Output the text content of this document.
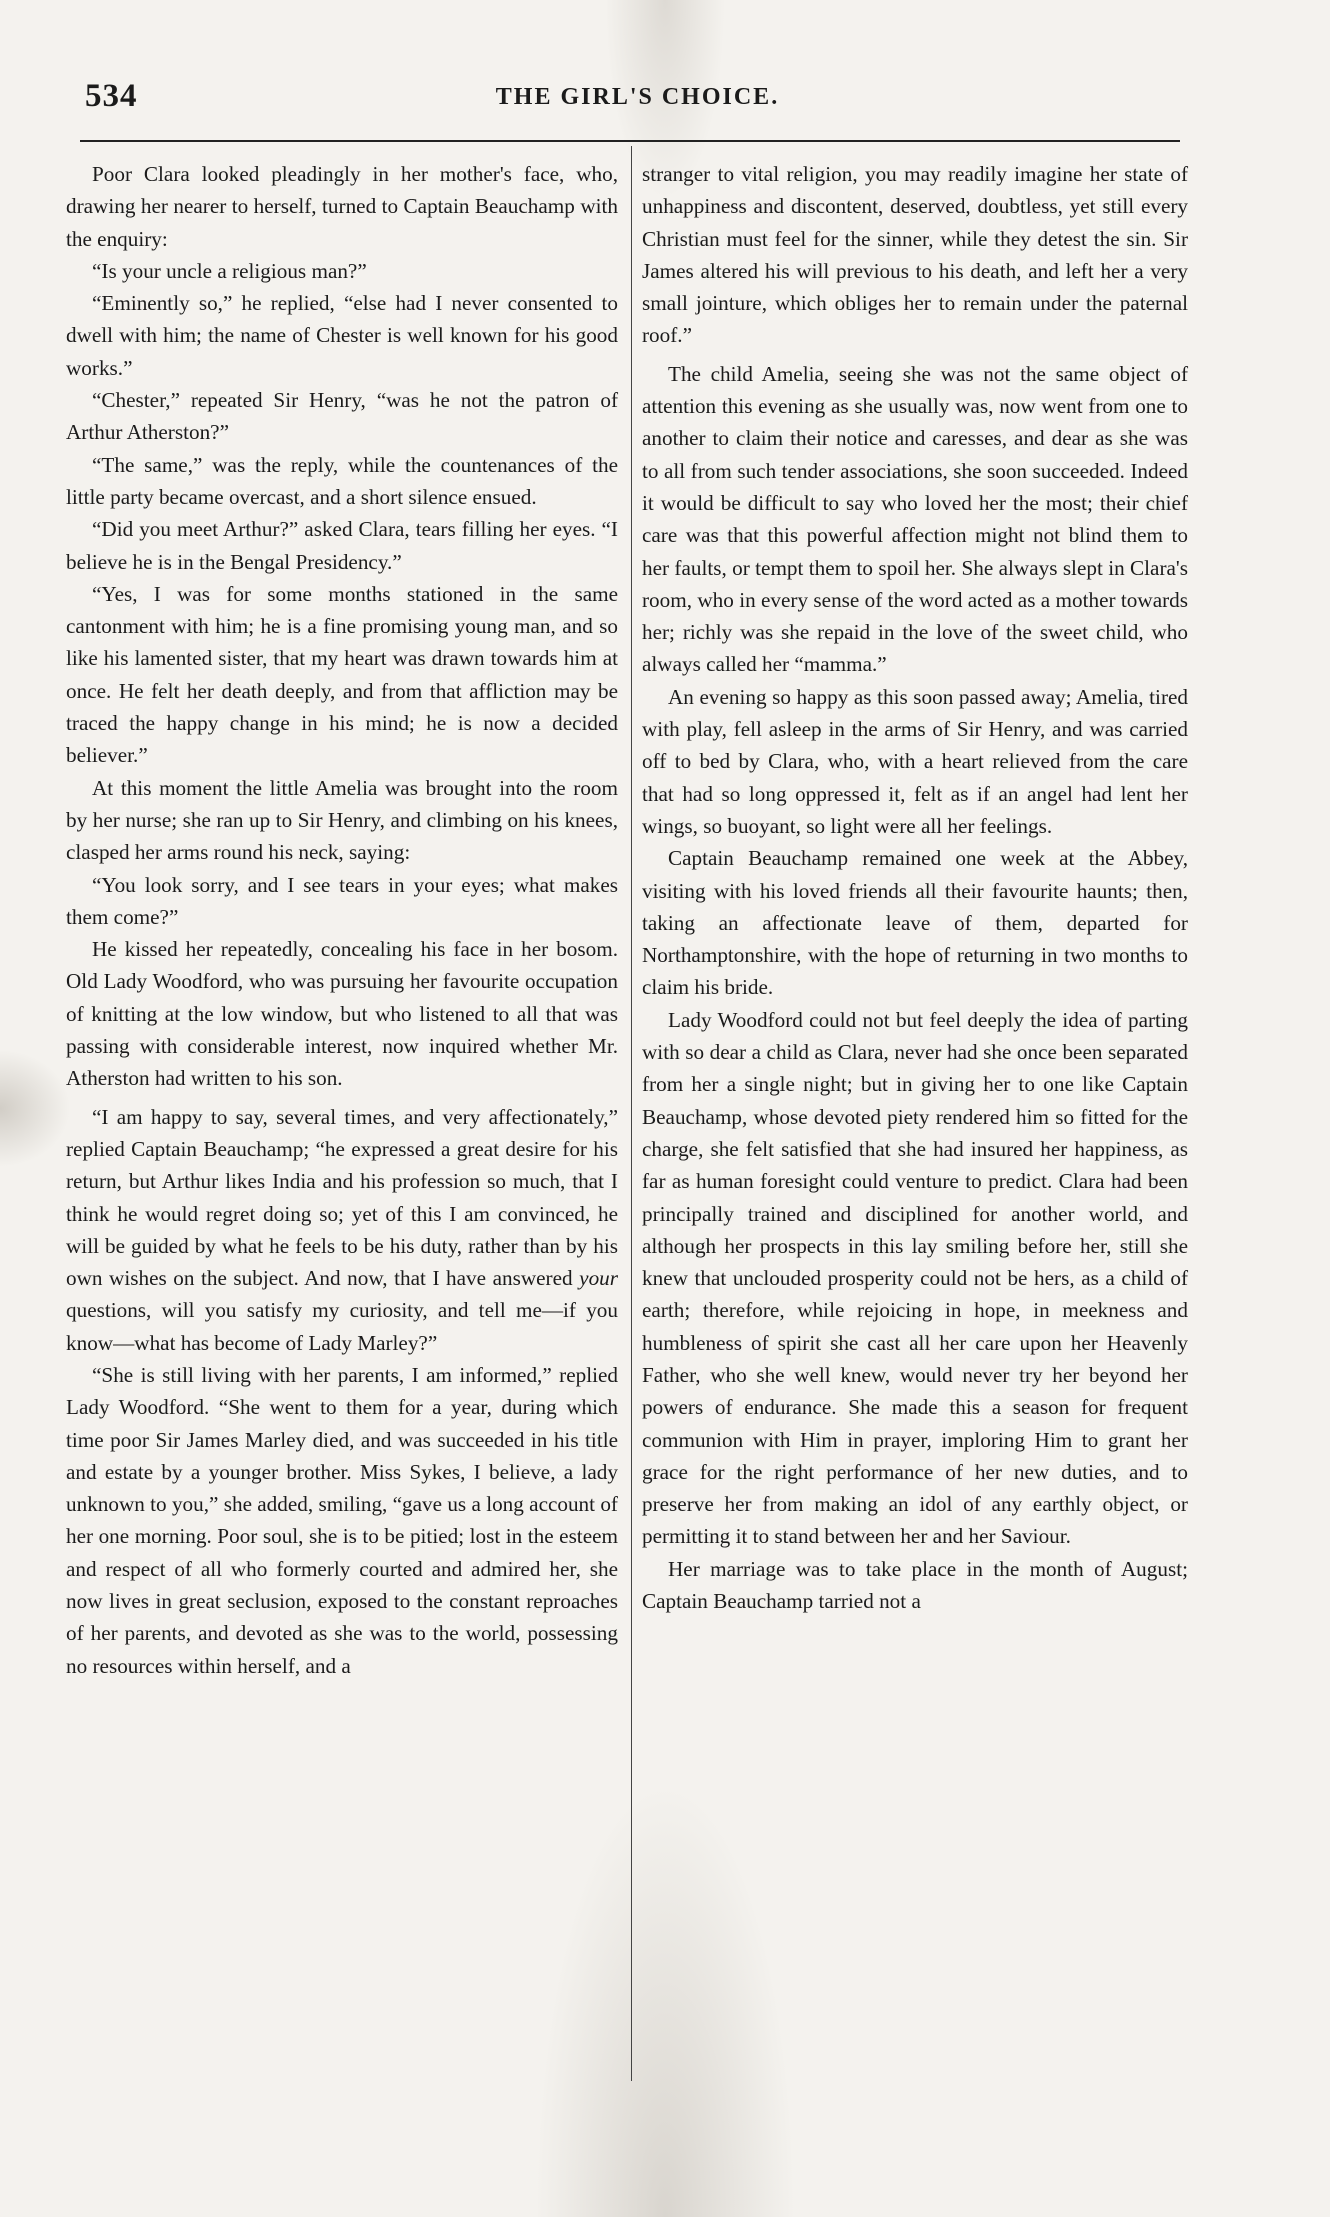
534	THE GIRL'S CHOICE.

Poor Clara looked pleadingly in her mother's face, who, drawing her nearer to herself, turned to Captain Beauchamp with the enquiry:

“Is your uncle a religious man?”

“Eminently so,” he replied, “else had I never consented to dwell with him; the name of Chester is well known for his good works.”

“Chester,” repeated Sir Henry, “was he not the patron of Arthur Atherston?”

“The same,” was the reply, while the countenances of the little party became overcast, and a short silence ensued.

“Did you meet Arthur?” asked Clara, tears filling her eyes. “I believe he is in the Bengal Presidency.”

“Yes, I was for some months stationed in the same cantonment with him; he is a fine promising young man, and so like his lamented sister, that my heart was drawn towards him at once. He felt her death deeply, and from that affliction may be traced the happy change in his mind; he is now a decided believer.”

At this moment the little Amelia was brought into the room by her nurse; she ran up to Sir Henry, and climbing on his knees, clasped her arms round his neck, saying:

“You look sorry, and I see tears in your eyes; what makes them come?”

He kissed her repeatedly, concealing his face in her bosom. Old Lady Woodford, who was pursuing her favourite occupation of knitting at the low window, but who listened to all that was passing with considerable interest, now inquired whether Mr. Atherston had written to his son.

“I am happy to say, several times, and very affectionately,” replied Captain Beauchamp; “he expressed a great desire for his return, but Arthur likes India and his profession so much, that I think he would regret doing so; yet of this I am convinced, he will be guided by what he feels to be his duty, rather than by his own wishes on the subject. And now, that I have answered your questions, will you satisfy my curiosity, and tell me—if you know—what has become of Lady Marley?”

“She is still living with her parents, I am informed,” replied Lady Woodford. “She went to them for a year, during which time poor Sir James Marley died, and was succeeded in his title and estate by a younger brother. Miss Sykes, I believe, a lady unknown to you,” she added, smiling, “gave us a long account of her one morning. Poor soul, she is to be pitied; lost in the esteem and respect of all who formerly courted and admired her, she now lives in great seclusion, exposed to the constant reproaches of her parents, and devoted as she was to the world, possessing no resources within herself, and a

stranger to vital religion, you may readily imagine her state of unhappiness and discontent, deserved, doubtless, yet still every Christian must feel for the sinner, while they detest the sin. Sir James altered his will previous to his death, and left her a very small jointure, which obliges her to remain under the paternal roof.”

The child Amelia, seeing she was not the same object of attention this evening as she usually was, now went from one to another to claim their notice and caresses, and dear as she was to all from such tender associations, she soon succeeded. Indeed it would be difficult to say who loved her the most; their chief care was that this powerful affection might not blind them to her faults, or tempt them to spoil her. She always slept in Clara's room, who in every sense of the word acted as a mother towards her; richly was she repaid in the love of the sweet child, who always called her “mamma.”

An evening so happy as this soon passed away; Amelia, tired with play, fell asleep in the arms of Sir Henry, and was carried off to bed by Clara, who, with a heart relieved from the care that had so long oppressed it, felt as if an angel had lent her wings, so buoyant, so light were all her feelings.

Captain Beauchamp remained one week at the Abbey, visiting with his loved friends all their favourite haunts; then, taking an affectionate leave of them, departed for Northamptonshire, with the hope of returning in two months to claim his bride.

Lady Woodford could not but feel deeply the idea of parting with so dear a child as Clara, never had she once been separated from her a single night; but in giving her to one like Captain Beauchamp, whose devoted piety rendered him so fitted for the charge, she felt satisfied that she had insured her happiness, as far as human foresight could venture to predict. Clara had been principally trained and disciplined for another world, and although her prospects in this lay smiling before her, still she knew that unclouded prosperity could not be hers, as a child of earth; therefore, while rejoicing in hope, in meekness and humbleness of spirit she cast all her care upon her Heavenly Father, who she well knew, would never try her beyond her powers of endurance. She made this a season for frequent communion with Him in prayer, imploring Him to grant her grace for the right performance of her new duties, and to preserve her from making an idol of any earthly object, or permitting it to stand between her and her Saviour.

Her marriage was to take place in the month of August; Captain Beauchamp tarried not a
